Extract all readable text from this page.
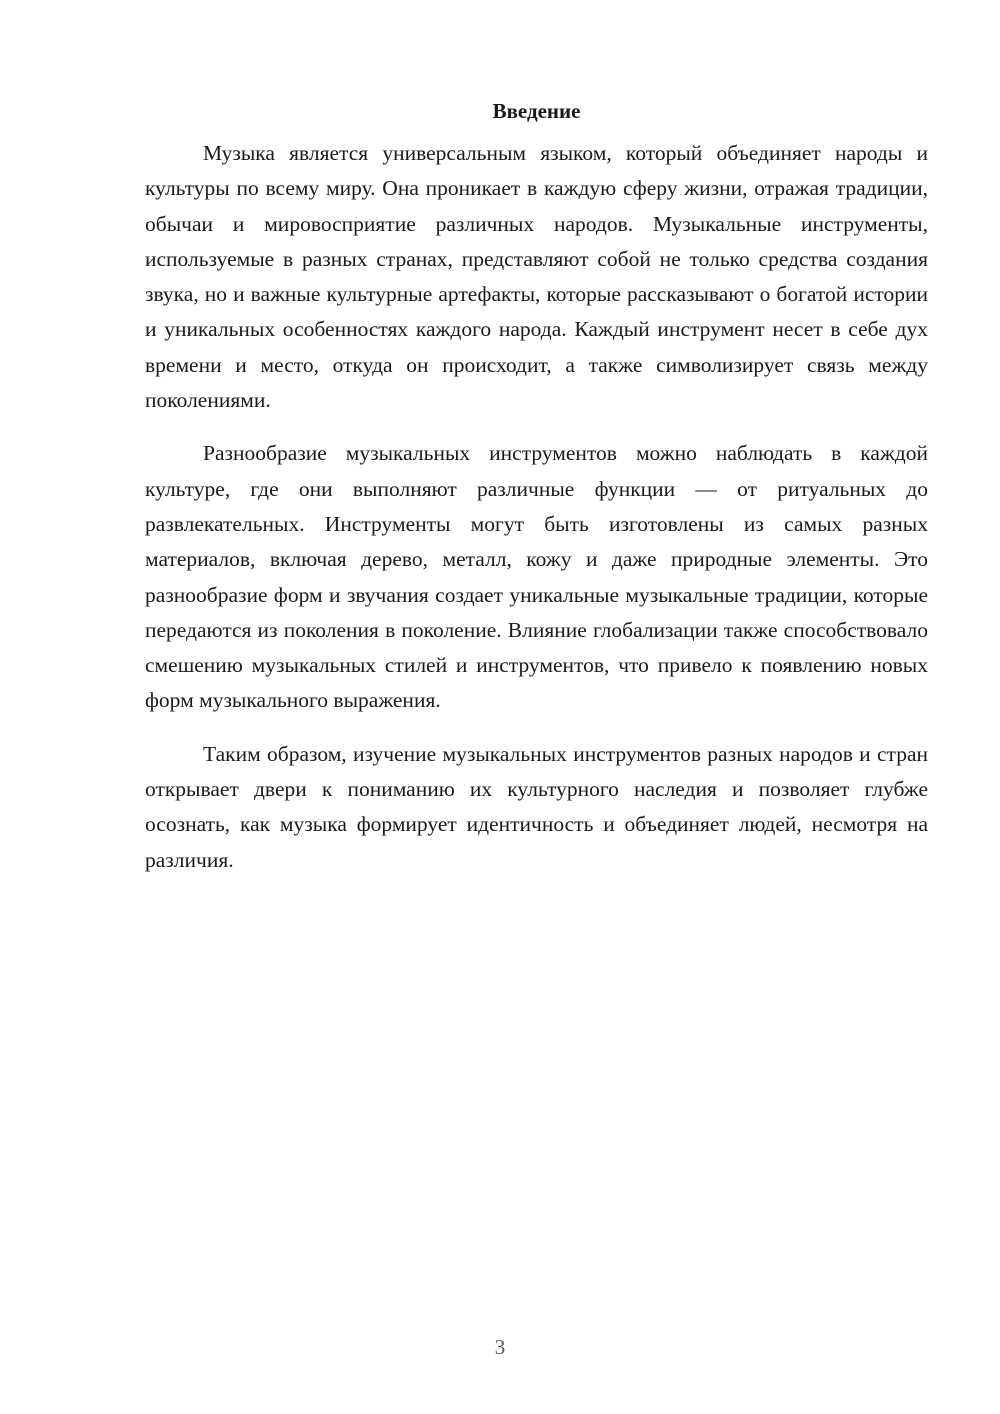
Введение

Музыка является универсальным языком, который объединяет народы и культуры по всему миру. Она проникает в каждую сферу жизни, отражая традиции, обычаи и мировосприятие различных народов. Музыкальные инструменты, используемые в разных странах, представляют собой не только средства создания звука, но и важные культурные артефакты, которые рассказывают о богатой истории и уникальных особенностях каждого народа. Каждый инструмент несет в себе дух времени и место, откуда он происходит, а также символизирует связь между поколениями.

Разнообразие музыкальных инструментов можно наблюдать в каждой культуре, где они выполняют различные функции — от ритуальных до развлекательных. Инструменты могут быть изготовлены из самых разных материалов, включая дерево, металл, кожу и даже природные элементы. Это разнообразие форм и звучания создает уникальные музыкальные традиции, которые передаются из поколения в поколение. Влияние глобализации также способствовало смешению музыкальных стилей и инструментов, что привело к появлению новых форм музыкального выражения.

Таким образом, изучение музыкальных инструментов разных народов и стран открывает двери к пониманию их культурного наследия и позволяет глубже осознать, как музыка формирует идентичность и объединяет людей, несмотря на различия.

3
